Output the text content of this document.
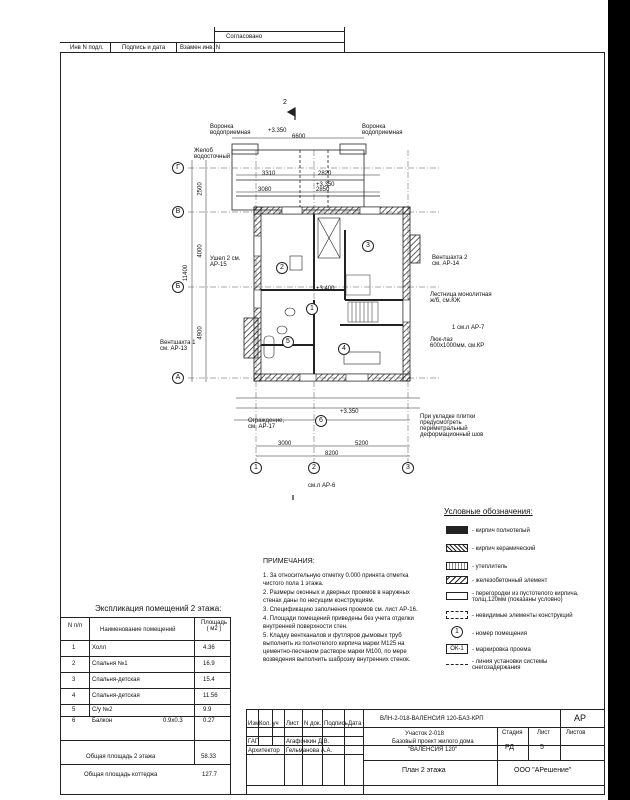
Согласовано
Инв N подл.	Подпись и дата Взамен инв. N
2
Г
В
Б
А
1	2	3
2500
4000
11400
4900
3000	5200
8200
6600
3310	2820
3080	2850
1
2
3
4
5
6
Воронка водоприемная
Воронка водоприемная
Желоб водосточный
Ушел 2 см. АР-15
Вентшахта 1 см. АР-13
Вентшахта 2 см. АР-14
Лестница монолитная ж/б, см.КЖ
Люк-лаз 600х1000мм, см.КР
Ограждение, см. АР-17
При укладке плитки предусмотреть периметральный деформационный шов
см.л АР-6
1 см.л АР-7
+3.350
+3.350
+3.400
+3.350
ПРИМЕЧАНИЯ:
1. За относительную отметку 0.000 принята отметка
чистого пола 1 этажа.
2. Размеры оконных и дверных проемов в наружных
стенах даны по несущим конструкциям.
3. Спецификацию заполнения проемов см. лист АР-16.
4. Площади помещений приведены без учета отделки
внутренней поверхности стен.
5. Кладку вентканалов и футляров дымовых труб
выполнить из полнотелого кирпича марки М125 на
цементно-песчаном растворе марки М100, по мере
возведения выполнить шаброзку внутренних стенок.
Условные обозначения:
- кирпич полнотелый
- кирпич керамический
- утеплитель
- железобетонный элемент
- перегородки из пустотелого кирпича, толщ.120мм (показаны условно)
- невидимые элементы конструкций
1	- номер помещения
ОК-1	- маркировка проема
- линия установки системы снегозадержания
Экспликация помещений 2 этажа:
N п/п
Наименование помещений
Площадь ( м2 )
1	Холл	4.36
2	Спальня №1	16.9
3	Спальня-детская	15.4
4	Спальня-детская	11.56
5	С/у №2	9.9
6	Балкон	0.9х0.3	0.27
Общая площадь 2 этажа	58.33
Общая площадь коттеджа	127.7
ВЛН-2-018-ВАЛЕНСИЯ 120-БАЗ-КРП	АР
Изм.
Кол. уч Лист N док. Подпись Дата
ГАП	Агафонкин Д.В.
Архитектор Гельманова А.А.
Участок 2-018
Базовый проект жилого дома
"ВАЛЕНСИЯ 120"
Стадия Лист	Листов
РД	5
План 2 этажа	ООО "АРешение"
